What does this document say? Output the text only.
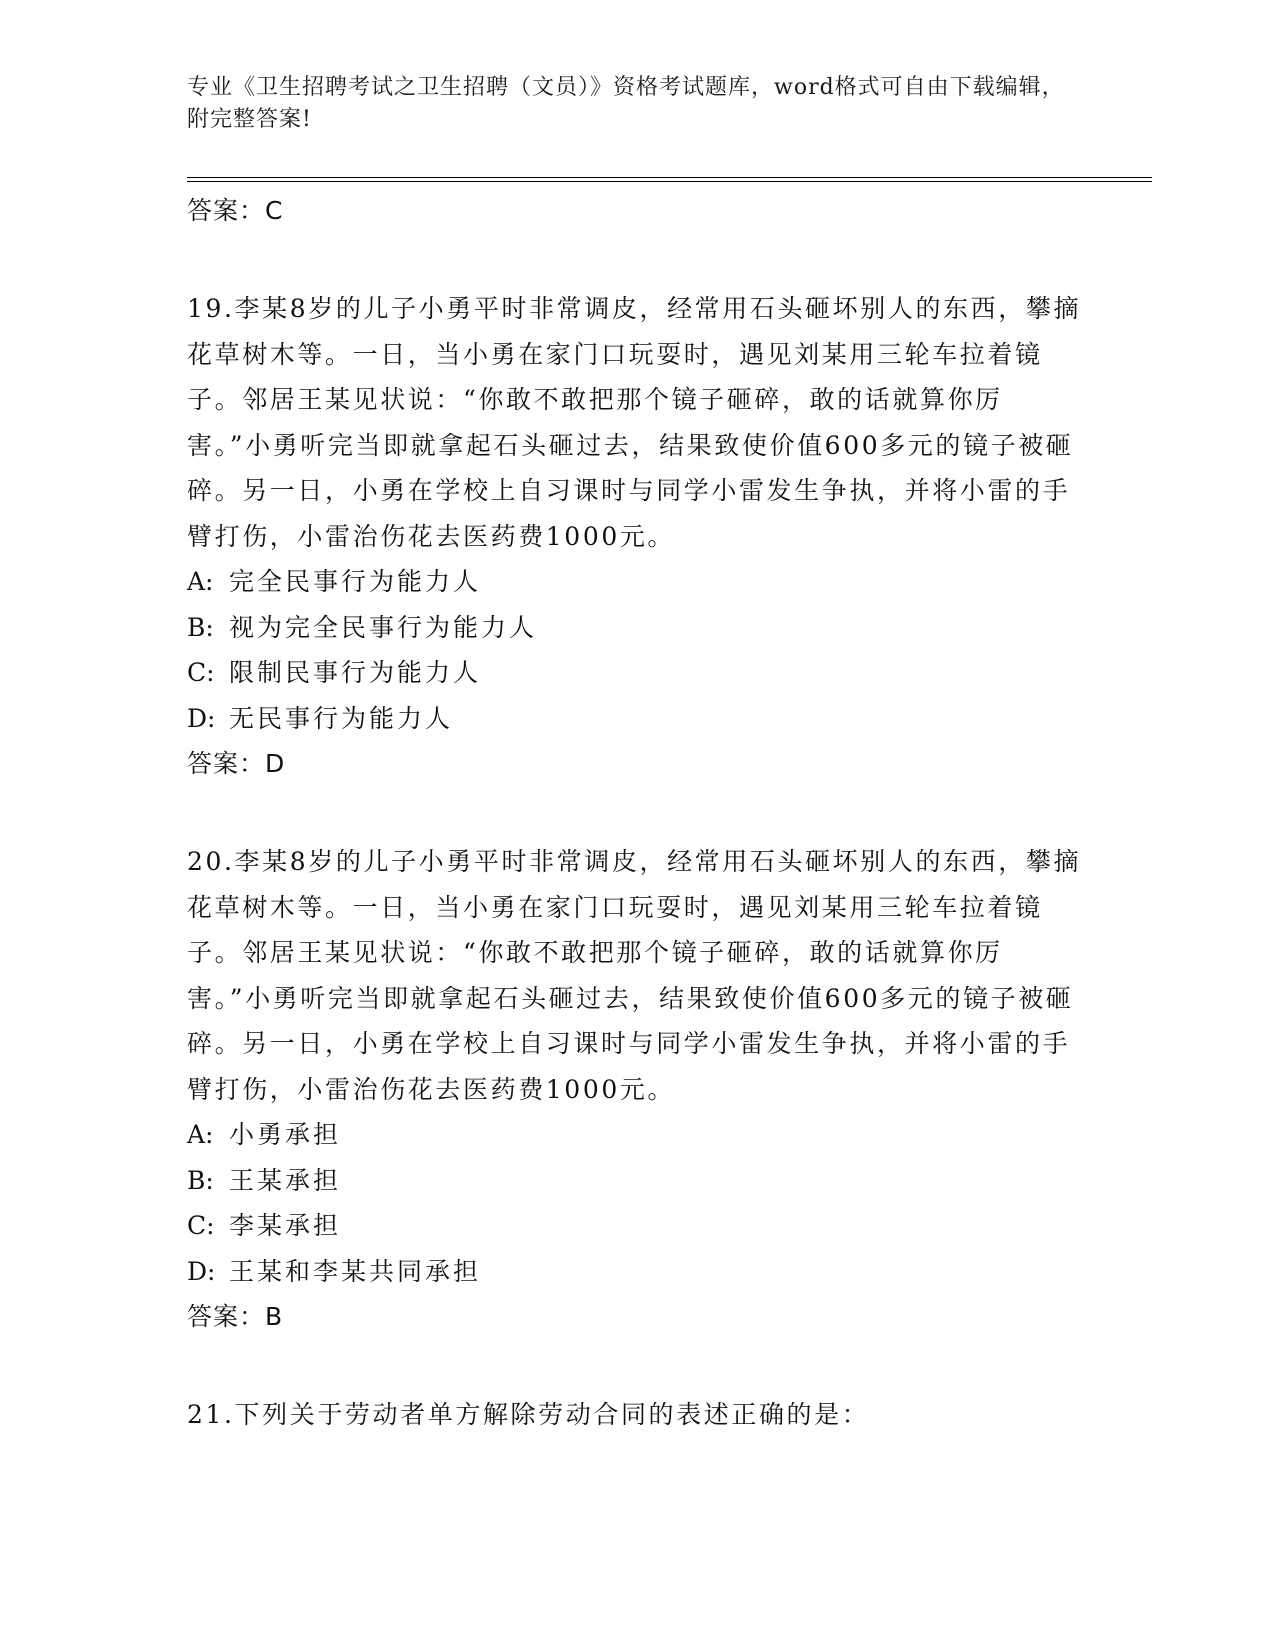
专业《卫生招聘考试之卫生招聘（文员）》资格考试题库，word格式可自由下载编辑，附完整答案!
答案：C

19.李某8岁的儿子小勇平时非常调皮，经常用石头砸坏别人的东西，攀摘花草树木等。一日，当小勇在家门口玩耍时，遇见刘某用三轮车拉着镜子。邻居王某见状说：“你敢不敢把那个镜子砸碎，敢的话就算你厉害。”小勇听完当即就拿起石头砸过去，结果致使价值600多元的镜子被砸碎。另一日，小勇在学校上自习课时与同学小雷发生争执，并将小雷的手臂打伤，小雷治伤花去医药费1000元。

A: 完全民事行为能力人
B: 视为完全民事行为能力人
C: 限制民事行为能力人
D: 无民事行为能力人
答案：D

20.李某8岁的儿子小勇平时非常调皮，经常用石头砸坏别人的东西，攀摘花草树木等。一日，当小勇在家门口玩耍时，遇见刘某用三轮车拉着镜子。邻居王某见状说：“你敢不敢把那个镜子砸碎，敢的话就算你厉害。”小勇听完当即就拿起石头砸过去，结果致使价值600多元的镜子被砸碎。另一日，小勇在学校上自习课时与同学小雷发生争执，并将小雷的手臂打伤，小雷治伤花去医药费1000元。

A: 小勇承担
B: 王某承担
C: 李某承担
D: 王某和李某共同承担
答案：B

21.下列关于劳动者单方解除劳动合同的表述正确的是：
